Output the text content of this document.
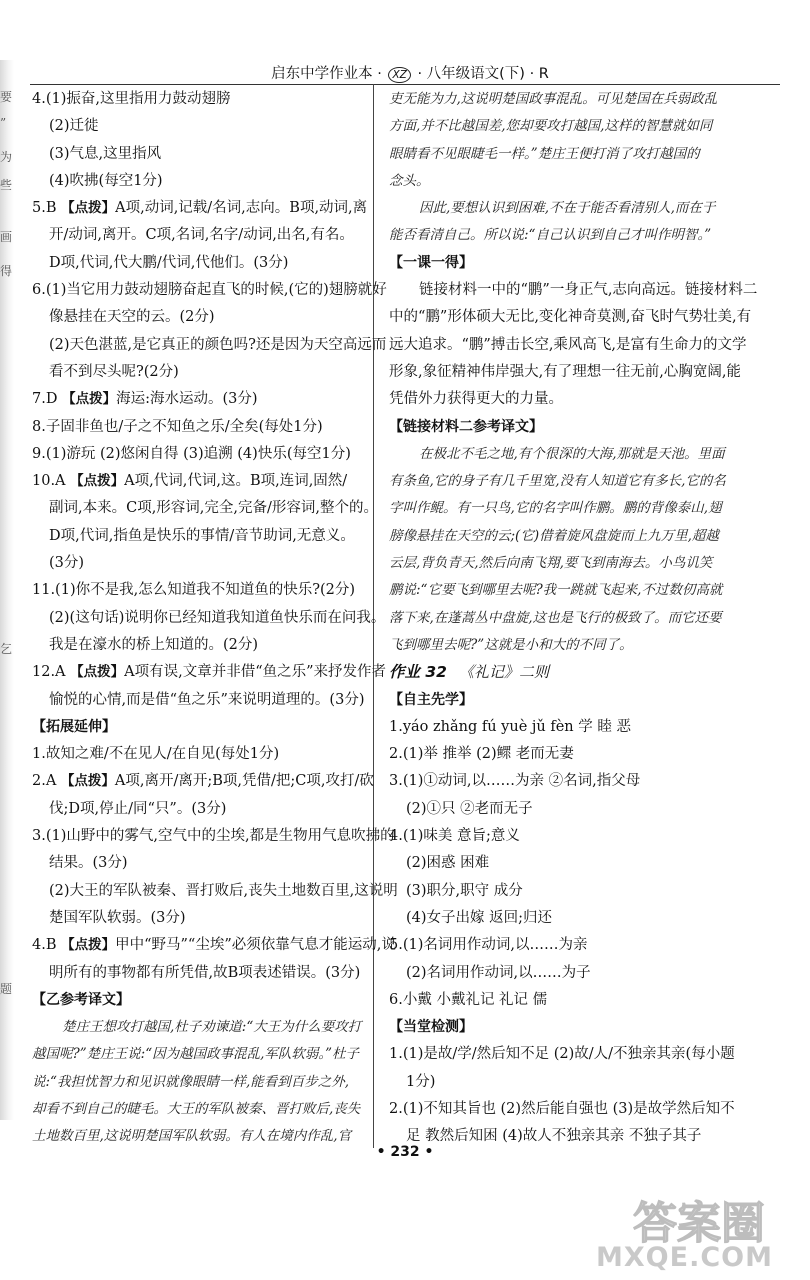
要
”
为
些
画
得
乞
题
启东中学作业本 · XZ · 八年级语文(下) · R
4.(1)振奋,这里指用力鼓动翅膀
(2)迁徙
(3)气息,这里指风
(4)吹拂(每空1分)
5.B 【点拨】A项,动词,记载/名词,志向。B项,动词,离
开/动词,离开。C项,名词,名字/动词,出名,有名。
D项,代词,代大鹏/代词,代他们。(3分)
6.(1)当它用力鼓动翅膀奋起直飞的时候,(它的)翅膀就好
像悬挂在天空的云。(2分)
(2)天色湛蓝,是它真正的颜色吗?还是因为天空高远而
看不到尽头呢?(2分)
7.D 【点拨】海运:海水运动。(3分)
8.子固非鱼也/子之不知鱼之乐/全矣(每处1分)
9.(1)游玩 (2)悠闲自得 (3)追溯 (4)快乐(每空1分)
10.A 【点拨】A项,代词,代词,这。B项,连词,固然/
副词,本来。C项,形容词,完全,完备/形容词,整个的。
D项,代词,指鱼是快乐的事情/音节助词,无意义。
(3分)
11.(1)你不是我,怎么知道我不知道鱼的快乐?(2分)
(2)(这句话)说明你已经知道我知道鱼快乐而在问我。
我是在濠水的桥上知道的。(2分)
12.A 【点拨】A项有误,文章并非借“鱼之乐”来抒发作者
愉悦的心情,而是借“鱼之乐”来说明道理的。(3分)
【拓展延伸】
1.故知之难/不在见人/在自见(每处1分)
2.A 【点拨】A项,离开/离开;B项,凭借/把;C项,攻打/砍
伐;D项,停止/同“只”。(3分)
3.(1)山野中的雾气,空气中的尘埃,都是生物用气息吹拂的
结果。(3分)
(2)大王的军队被秦、晋打败后,丧失土地数百里,这说明
楚国军队软弱。(3分)
4.B 【点拨】甲中“野马”“尘埃”必须依靠气息才能运动,说
明所有的事物都有所凭借,故B项表述错误。(3分)
【乙参考译文】
楚庄王想攻打越国,杜子劝谏道:“大王为什么要攻打
越国呢?”楚庄王说:“因为越国政事混乱,军队软弱。”杜子
说:“我担忧智力和见识就像眼睛一样,能看到百步之外,
却看不到自己的睫毛。大王的军队被秦、晋打败后,丧失
土地数百里,这说明楚国军队软弱。有人在境内作乱,官
吏无能为力,这说明楚国政事混乱。可见楚国在兵弱政乱
方面,并不比越国差,您却要攻打越国,这样的智慧就如同
眼睛看不见眼睫毛一样。”楚庄王便打消了攻打越国的
念头。
因此,要想认识到困难,不在于能否看清别人,而在于
能否看清自己。所以说:“自己认识到自己才叫作明智。”
【一课一得】
链接材料一中的“鹏”一身正气,志向高远。链接材料二
中的“鹏”形体硕大无比,变化神奇莫测,奋飞时气势壮美,有
远大追求。“鹏”搏击长空,乘风高飞,是富有生命力的文学
形象,象征精神伟岸强大,有了理想一往无前,心胸宽阔,能
凭借外力获得更大的力量。
【链接材料二参考译文】
在极北不毛之地,有个很深的大海,那就是天池。里面
有条鱼,它的身子有几千里宽,没有人知道它有多长,它的名
字叫作鲲。有一只鸟,它的名字叫作鹏。鹏的背像泰山,翅
膀像悬挂在天空的云;(它)借着旋风盘旋而上九万里,超越
云层,背负青天,然后向南飞翔,要飞到南海去。小鸟讥笑
鹏说:“它要飞到哪里去呢?我一跳就飞起来,不过数仞高就
落下来,在蓬蒿丛中盘旋,这也是飞行的极致了。而它还要
飞到哪里去呢?”这就是小和大的不同了。
作业 32 《礼记》二则
【自主先学】
1.yáo zhǎng fú yuè jǔ fèn 学 睦 恶
2.(1)举 推举 (2)鳏 老而无妻
3.(1)①动词,以……为亲 ②名词,指父母
(2)①只 ②老而无子
4.(1)味美 意旨;意义
(2)困惑 困难
(3)职分,职守 成分
(4)女子出嫁 返回;归还
5.(1)名词用作动词,以……为亲
(2)名词用作动词,以……为子
6.小戴 小戴礼记 礼记 儒
【当堂检测】
1.(1)是故/学/然后知不足 (2)故/人/不独亲其亲(每小题
1分)
2.(1)不知其旨也 (2)然后能自强也 (3)是故学然后知不
足 教然后知困 (4)故人不独亲其亲 不独子其子
• 232 •
答案圈
MXQE.COM
